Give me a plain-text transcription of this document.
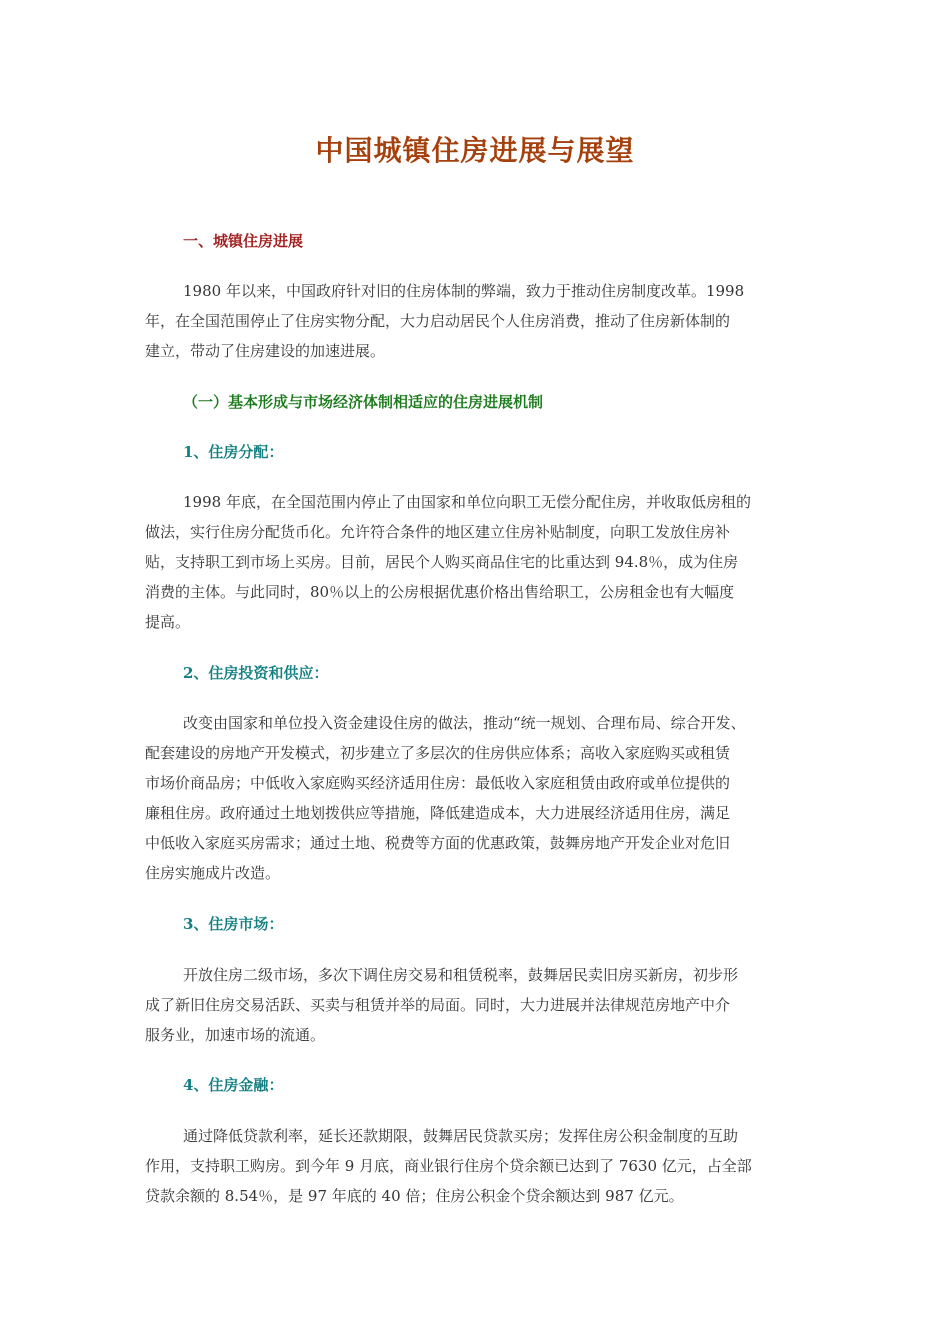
中国城镇住房进展与展望
一、城镇住房进展
1980 年以来，中国政府针对旧的住房体制的弊端，致力于推动住房制度改革。1998
年，在全国范围停止了住房实物分配，大力启动居民个人住房消费，推动了住房新体制的
建立，带动了住房建设的加速进展。
（一）基本形成与市场经济体制相适应的住房进展机制
1、住房分配：
1998 年底，在全国范围内停止了由国家和单位向职工无偿分配住房，并收取低房租的
做法，实行住房分配货币化。允许符合条件的地区建立住房补贴制度，向职工发放住房补
贴，支持职工到市场上买房。目前，居民个人购买商品住宅的比重达到 94.8％，成为住房
消费的主体。与此同时，80％以上的公房根据优惠价格出售给职工，公房租金也有大幅度
提高。
2、住房投资和供应：
改变由国家和单位投入资金建设住房的做法，推动“统一规划、合理布局、综合开发、
配套建设的房地产开发模式，初步建立了多层次的住房供应体系；高收入家庭购买或租赁
市场价商品房；中低收入家庭购买经济适用住房：最低收入家庭租赁由政府或单位提供的
廉租住房。政府通过土地划拨供应等措施，降低建造成本，大力进展经济适用住房，满足
中低收入家庭买房需求；通过土地、税费等方面的优惠政策，鼓舞房地产开发企业对危旧
住房实施成片改造。
3、住房市场：
开放住房二级市场，多次下调住房交易和租赁税率，鼓舞居民卖旧房买新房，初步形
成了新旧住房交易活跃、买卖与租赁并举的局面。同时，大力进展并法律规范房地产中介
服务业，加速市场的流通。
4、住房金融：
通过降低贷款利率，延长还款期限，鼓舞居民贷款买房；发挥住房公积金制度的互助
作用，支持职工购房。到今年 9 月底，商业银行住房个贷余额已达到了 7630 亿元，占全部
贷款余额的 8.54％，是 97 年底的 40 倍；住房公积金个贷余额达到 987 亿元。
